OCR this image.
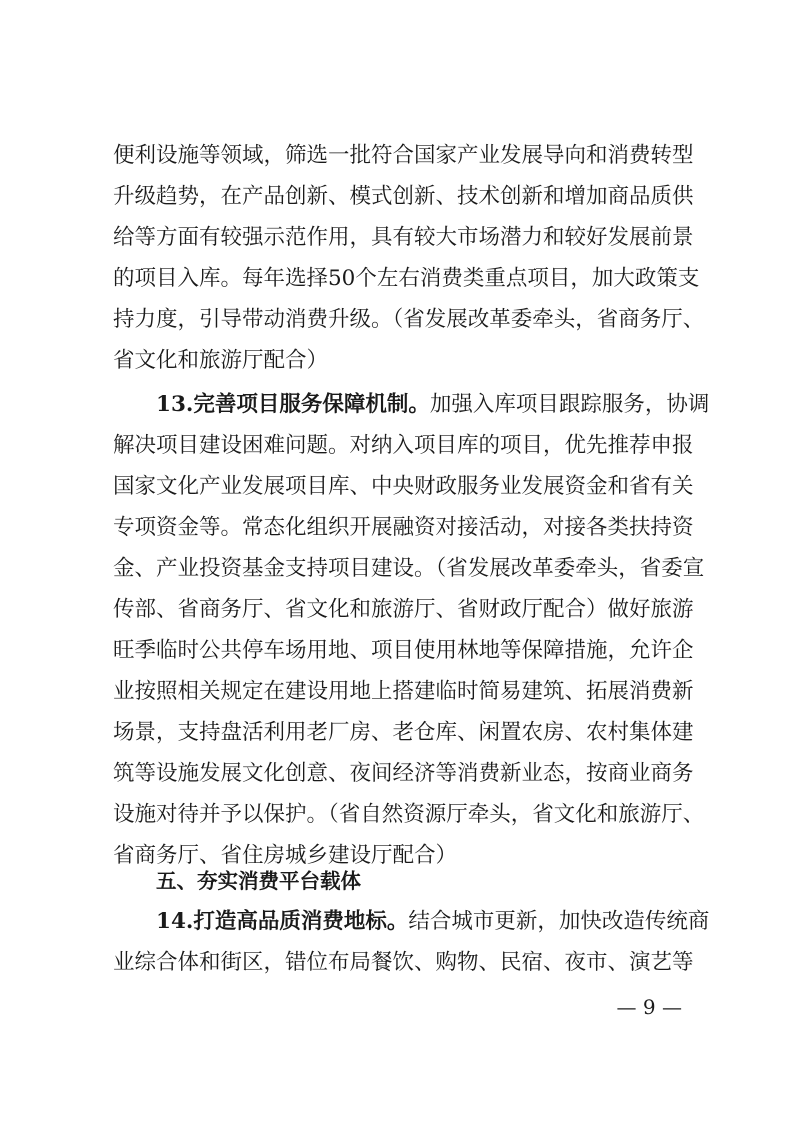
便利设施等领域，筛选一批符合国家产业发展导向和消费转型
升级趋势，在产品创新、模式创新、技术创新和增加商品质供
给等方面有较强示范作用，具有较大市场潜力和较好发展前景
的项目入库。每年选择50个左右消费类重点项目，加大政策支
持力度，引导带动消费升级。（省发展改革委牵头，省商务厅、
省文化和旅游厅配合）
13.完善项目服务保障机制。加强入库项目跟踪服务，协调
解决项目建设困难问题。对纳入项目库的项目，优先推荐申报
国家文化产业发展项目库、中央财政服务业发展资金和省有关
专项资金等。常态化组织开展融资对接活动，对接各类扶持资
金、产业投资基金支持项目建设。（省发展改革委牵头，省委宣
传部、省商务厅、省文化和旅游厅、省财政厅配合）做好旅游
旺季临时公共停车场用地、项目使用林地等保障措施，允许企
业按照相关规定在建设用地上搭建临时简易建筑、拓展消费新
场景，支持盘活利用老厂房、老仓库、闲置农房、农村集体建
筑等设施发展文化创意、夜间经济等消费新业态，按商业商务
设施对待并予以保护。（省自然资源厅牵头，省文化和旅游厅、
省商务厅、省住房城乡建设厅配合）
五、夯实消费平台载体
14.打造高品质消费地标。结合城市更新，加快改造传统商
业综合体和街区，错位布局餐饮、购物、民宿、夜市、演艺等
— 9 —
